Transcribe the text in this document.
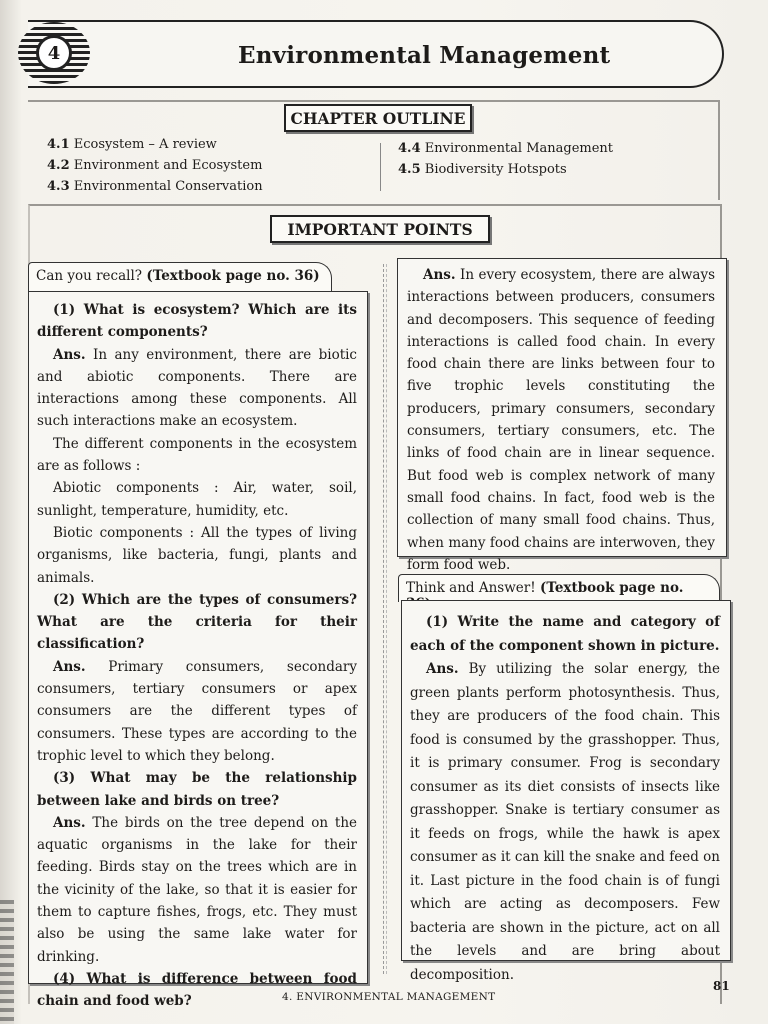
4	Environmental Management
CHAPTER OUTLINE
4.1 Ecosystem – A review
4.2 Environment and Ecosystem
4.3 Environmental Conservation
4.4 Environmental Management
4.5 Biodiversity Hotspots
IMPORTANT POINTS
Can you recall? (Textbook page no. 36)

(1) What is ecosystem? Which are its different components?

Ans. In any environment, there are biotic and abiotic components. There are interactions among these components. All such interactions make an ecosystem.

The different components in the ecosystem are as follows :

Abiotic components : Air, water, soil, sunlight, temperature, humidity, etc.

Biotic components : All the types of living organisms, like bacteria, fungi, plants and animals.

(2) Which are the types of consumers? What are the criteria for their classification?

Ans. Primary consumers, secondary consumers, tertiary consumers or apex consumers are the different types of consumers. These types are according to the trophic level to which they belong.

(3) What may be the relationship between lake and birds on tree?

Ans. The birds on the tree depend on the aquatic organisms in the lake for their feeding. Birds stay on the trees which are in the vicinity of the lake, so that it is easier for them to capture fishes, frogs, etc. They must also be using the same lake water for drinking.

(4) What is difference between food chain and food web?

Ans. In every ecosystem, there are always interactions between producers, consumers and decomposers. This sequence of feeding interactions is called food chain. In every food chain there are links between four to five trophic levels constituting the producers, primary consumers, secondary consumers, tertiary consumers, etc. The links of food chain are in linear sequence. But food web is complex network of many small food chains. In fact, food web is the collection of many small food chains. Thus, when many food chains are interwoven, they form food web.

Think and Answer! (Textbook page no.

(1) Write the name and category of each of the component shown in picture.

Ans. By utilizing the solar energy, the green plants perform photosynthesis. Thus, they are producers of the food chain. This food is consumed by the grasshopper. Thus, it is primary consumer. Frog is secondary consumer as its diet consists of insects like grasshopper. Snake is tertiary consumer as it feeds on frogs, while the hawk is apex consumer as it can kill the snake and feed on it. Last picture in the food chain is of fungi which are acting as decomposers. Few bacteria are shown in the picture, act on all the levels and are bring about decomposition.

4. ENVIRONMENTAL MANAGEMENT
81
